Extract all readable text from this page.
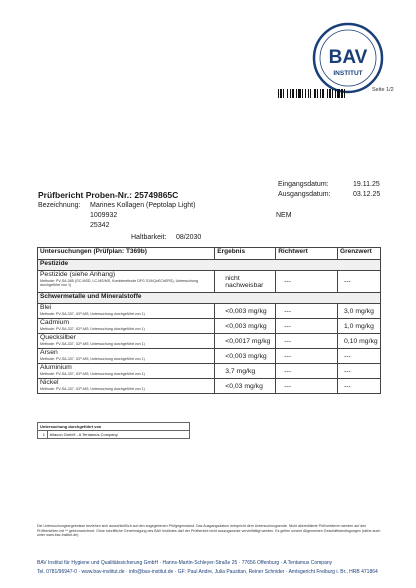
BAV
INSTITUT
Seite 1/2
Eingangsdatum:	19.11.25
Ausgangsdatum:	03.12.25
Prüfbericht Proben-Nr.: 25749865C
Bezeichnung: Marines Kollagen (Peptolap Light)
1009932
25342
NEM
Haltbarkeit: 08/2030
Untersuchungen (Prüfplan: T369b)	Ergebnis	Richtwert	Grenzwert
Pestizide			

Pestizide (siehe Anhang)
Methode: PV-SA-085 (GC-MSD, LC-MS/MS, Kombimethode DFG S19/QuEChERS), Untersuchung durchgeführt von 1)	nicht nachweisbar	---	---
Schwermetalle und Mineralstoffe			

Blei
Methode: PV-SA-337, ICP-MS; Untersuchung durchgeführt von 1)	<0,003 mg/kg	---	3,0 mg/kg

Cadmium
Methode: PV-SA-337, ICP-MS; Untersuchung durchgeführt von 1)	<0,003 mg/kg	---	1,0 mg/kg

Quecksilber
Methode: PV-SA-337, ICP-MS; Untersuchung durchgeführt von 1)	<0,0017 mg/kg	---	0,10 mg/kg

Arsen
Methode: PV-SA-337, ICP-MS; Untersuchung durchgeführt von 1)	<0,003 mg/kg	---	---

Aluminium
Methode: PV-SA-337, ICP-MS; Untersuchung durchgeführt von 1)	3,7 mg/kg	---	---

Nickel
Methode: PV-SA-337, ICP-MS; Untersuchung durchgeführt von 1)	<0,03 mg/kg	---	---
Untersuchung durchgeführt von
1	bilacon GmbH - A Tentamus Company
Die Untersuchungsergebnisse beziehen sich ausschließlich auf den angegebenen Prüfgegenstand. Das Ausgangsdatum entspricht dem Untersuchungsende. Nicht akkreditierte Prüfverfahren werden auf den Prüfberichten mit ** gekennzeichnet. Ohne schriftliche Genehmigung des BAV Institutes darf der Prüfbericht nicht auszugsweise vervielfältigt werden. Es gelten unsere Allgemeinen Geschäftsbedingungen (siehe auch unter www.bav-institut.de).
BAV Institut für Hygiene und Qualitätssicherung GmbH · Hanns-Martin-Schleyer-Straße 25 · 77656 Offenburg · A Tentamus Company
Tel. 0781/96947-0 · www.bav-institut.de · info@bav-institut.de · GF: Paul Andre, Julia Paustian, Reiner Schnider · Amtsgericht Freiburg i. Br., HRB 471864
